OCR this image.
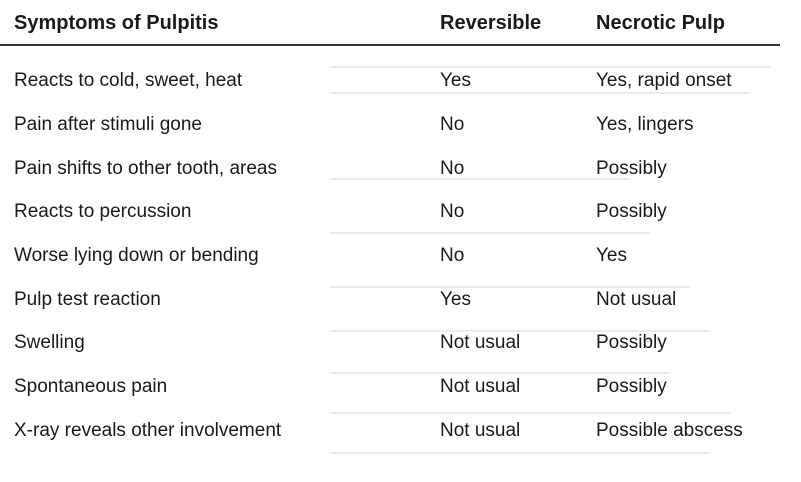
Symptoms of Pulpitis	Reversible	Necrotic Pulp
Reacts to cold, sweet, heat	Yes	Yes, rapid onset
Pain after stimuli gone	No	Yes, lingers
Pain shifts to other tooth, areas	No	Possibly
Reacts to percussion	No	Possibly
Worse lying down or bending	No	Yes
Pulp test reaction	Yes	Not usual
Swelling	Not usual	Possibly
Spontaneous pain	Not usual	Possibly
X-ray reveals other involvement	Not usual	Possible abscess
